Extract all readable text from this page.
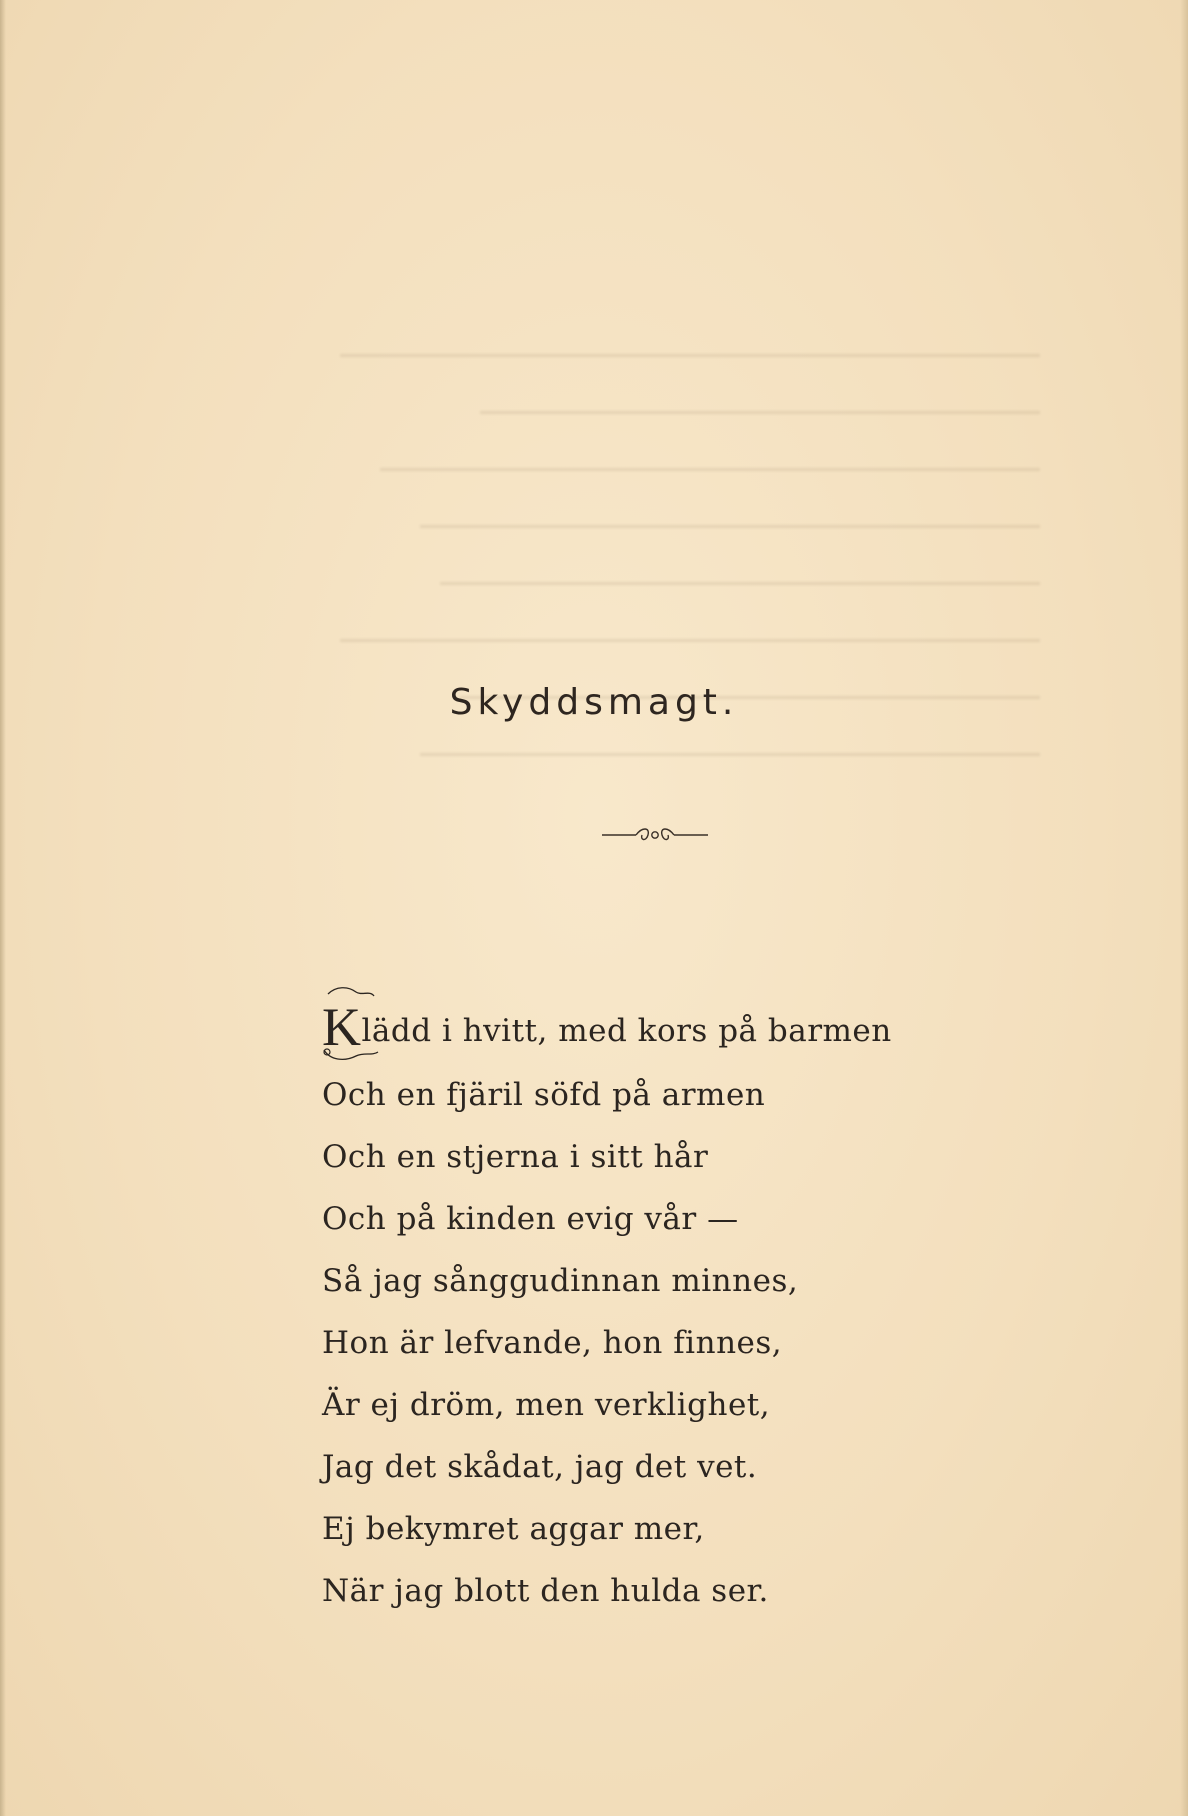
Skyddsmagt.
Klädd i hvitt, med kors på barmen
Och en fjäril söfd på armen
Och en stjerna i sitt hår
Och på kinden evig vår —
Så jag sånggudinnan minnes,
Hon är lefvande, hon finnes,
Är ej dröm, men verklighet,
Jag det skådat, jag det vet.
Ej bekymret aggar mer,
När jag blott den hulda ser.
